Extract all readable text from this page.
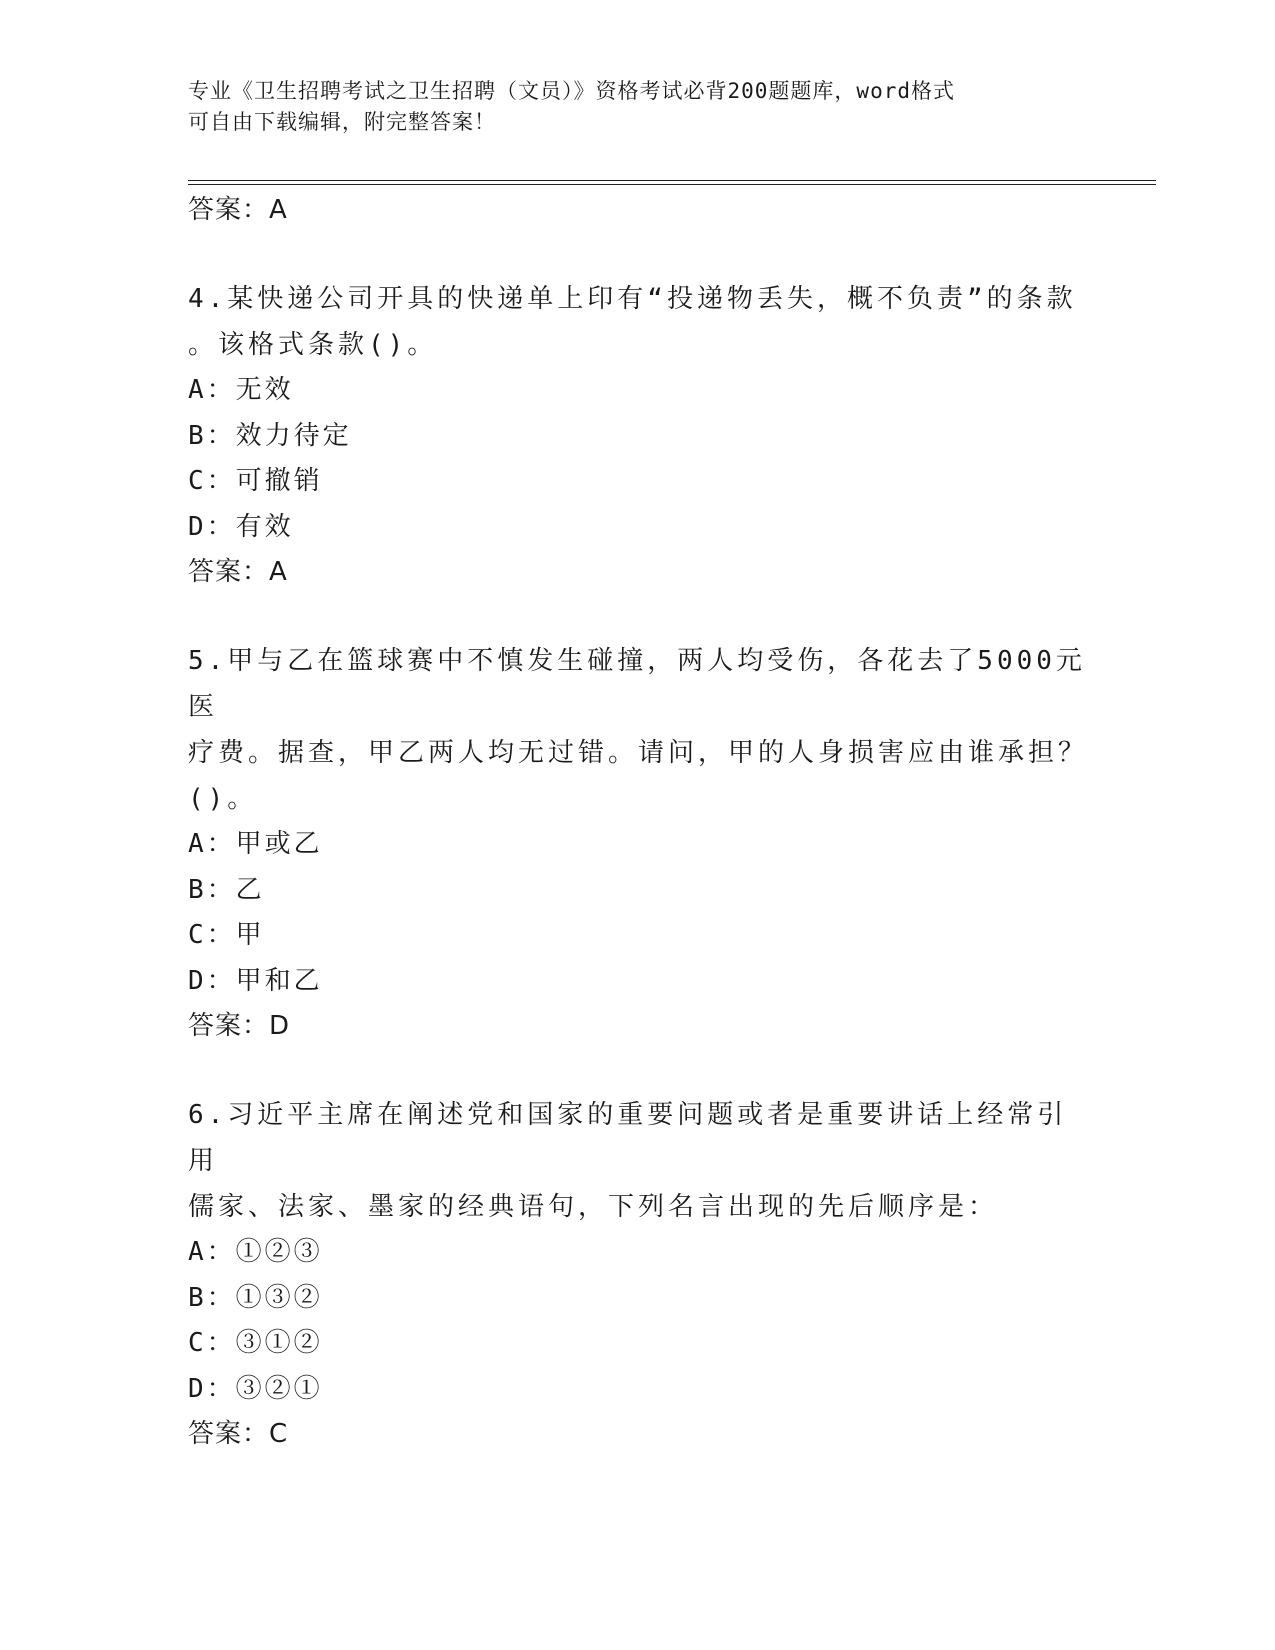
专业《卫生招聘考试之卫生招聘（文员）》资格考试必背200题题库，word格式
可自由下载编辑，附完整答案！

答案：A

4.某快递公司开具的快递单上印有“投递物丢失，概不负责”的条款

。该格式条款()。

A：无效

B：效力待定

C：可撤销

D：有效

答案：A

5.甲与乙在篮球赛中不慎发生碰撞，两人均受伤，各花去了5000元医

疗费。据查，甲乙两人均无过错。请问，甲的人身损害应由谁承担？

()。

A：甲或乙

B：乙

C：甲

D：甲和乙

答案：D

6.习近平主席在阐述党和国家的重要问题或者是重要讲话上经常引用

儒家、法家、墨家的经典语句，下列名言出现的先后顺序是：

A：①②③

B：①③②

C：③①②

D：③②①

答案：C
